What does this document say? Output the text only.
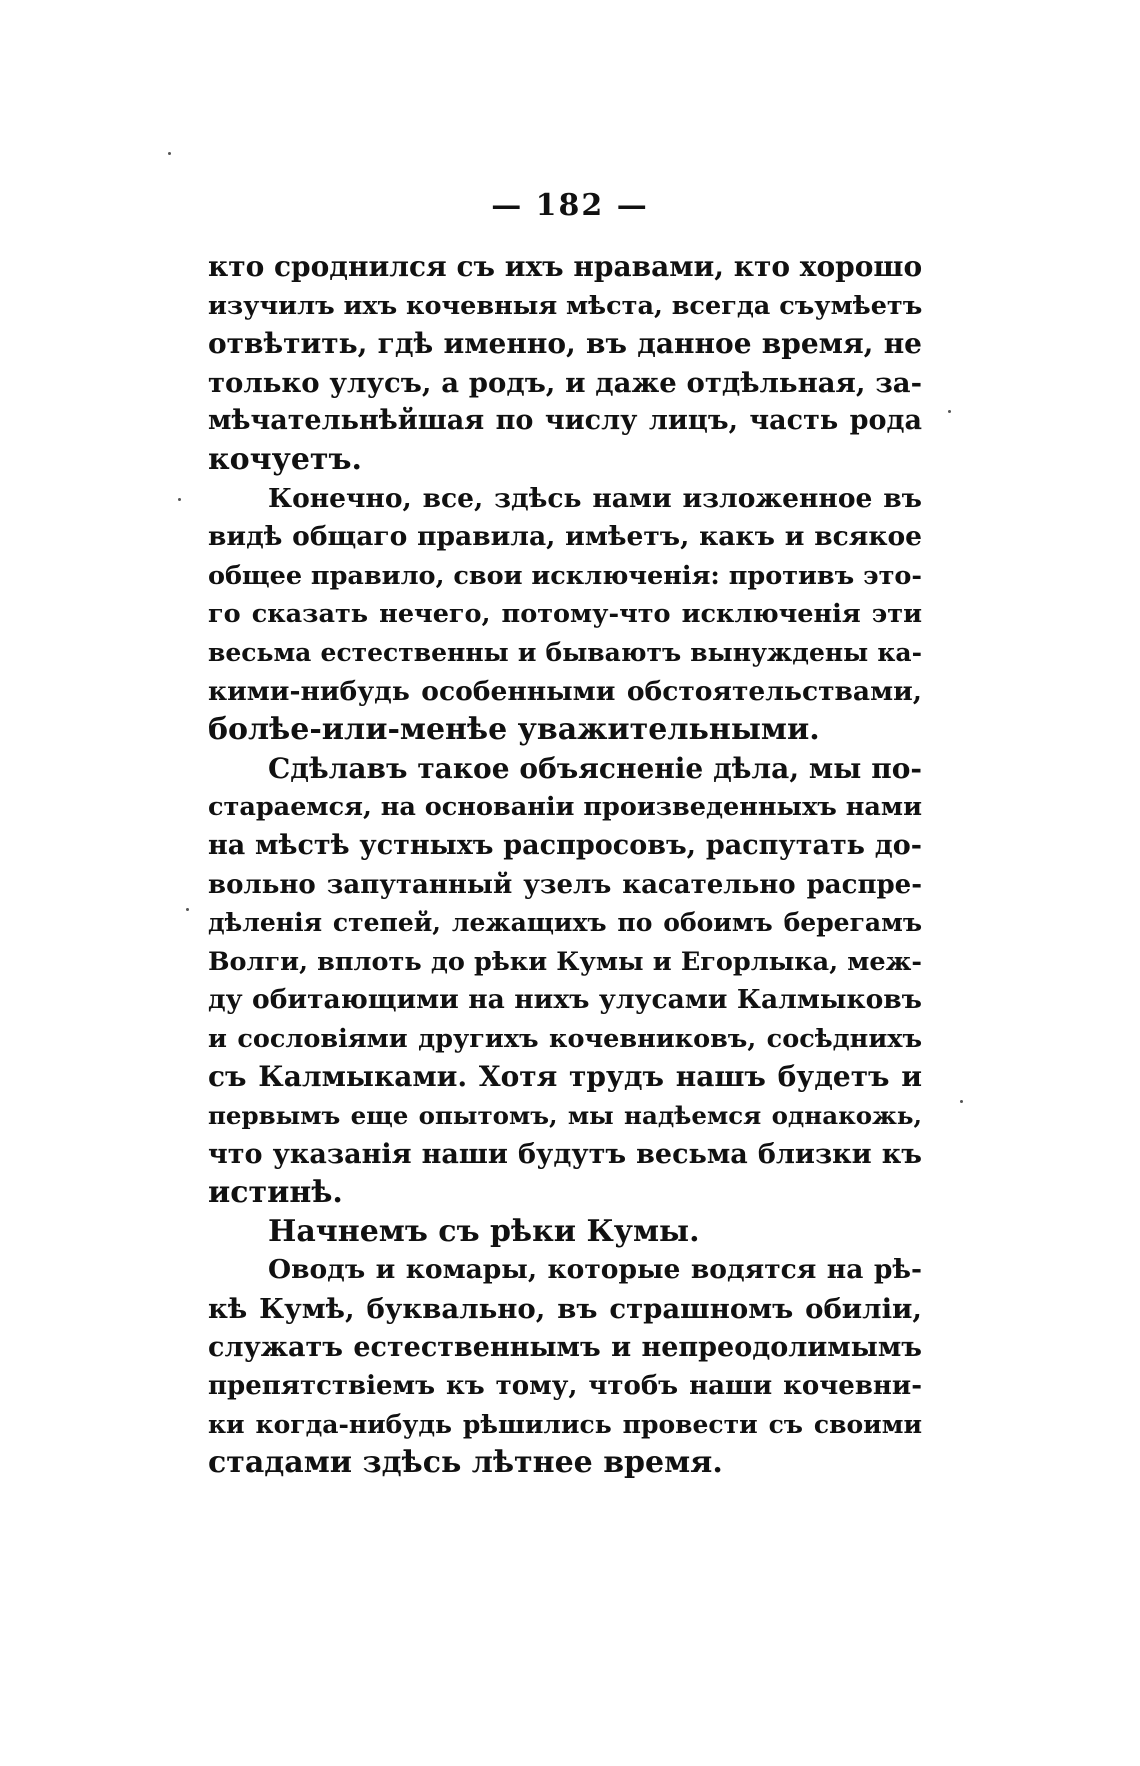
— 182 —
кто сроднился съ ихъ нравами, кто хорошо
изучилъ ихъ кочевныя мѣста, всегда съумѣетъ
отвѣтить, гдѣ именно, въ данное время, не
только улусъ, а родъ, и даже отдѣльная, за-
мѣчательнѣйшая по числу лицъ, часть рода
кочуетъ.
Конечно, все, здѣсь нами изложенное въ
видѣ общаго правила, имѣетъ, какъ и всякое
общее правило, свои исключенія: противъ это-
го сказать нечего, потому-что исключенія эти
весьма естественны и бываютъ вынуждены ка-
кими-нибудь особенными обстоятельствами,
болѣе-или-менѣе уважительными.
Сдѣлавъ такое объясненіе дѣла, мы по-
стараемся, на основаніи произведенныхъ нами
на мѣстѣ устныхъ распросовъ, распутать до-
вольно запутанный узелъ касательно распре-
дѣленія степей, лежащихъ по обоимъ берегамъ
Волги, вплоть до рѣки Кумы и Егорлыка, меж-
ду обитающими на нихъ улусами Калмыковъ
и сословіями другихъ кочевниковъ, сосѣднихъ
съ Калмыками. Хотя трудъ нашъ будетъ и
первымъ еще опытомъ, мы надѣемся однакожь,
что указанія наши будутъ весьма близки къ
истинѣ.
Начнемъ съ рѣки Кумы.
Оводъ и комары, которые водятся на рѣ-
кѣ Кумѣ, буквально, въ страшномъ обиліи,
служатъ естественнымъ и непреодолимымъ
препятствіемъ къ тому, чтобъ наши кочевни-
ки когда-нибудь рѣшились провести съ своими
стадами здѣсь лѣтнее время.
